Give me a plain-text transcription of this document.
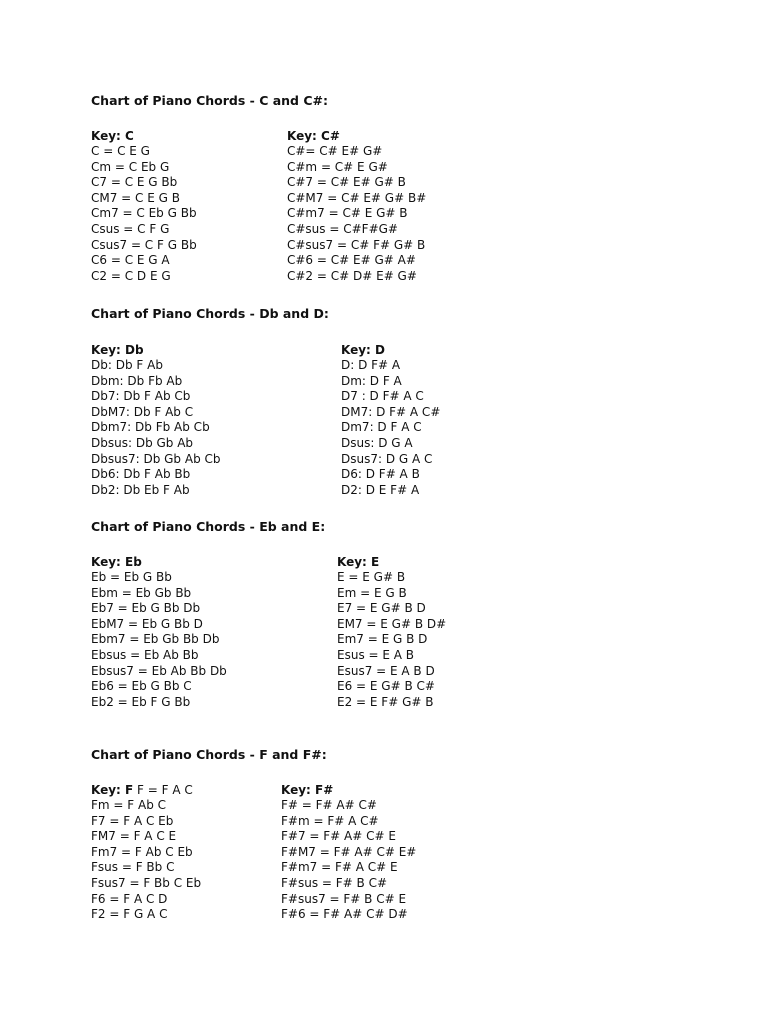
Chart of Piano Chords - C and C#:
Key: C
C = C E G
Cm = C Eb G
C7 = C E G Bb
CM7 = C E G B
Cm7 = C Eb G Bb
Csus = C F G
Csus7 = C F G Bb
C6 = C E G A
C2 = C D E G
Key: C#
C#= C# E# G#
C#m = C# E G#
C#7 = C# E# G# B
C#M7 = C# E# G# B#
C#m7 = C# E G# B
C#sus = C#F#G#
C#sus7 = C# F# G# B
C#6 = C# E# G# A#
C#2 = C# D# E# G#
Chart of Piano Chords - Db and D:
Key: Db
Db: Db F Ab
Dbm: Db Fb Ab
Db7: Db F Ab Cb
DbM7: Db F Ab C
Dbm7: Db Fb Ab Cb
Dbsus: Db Gb Ab
Dbsus7: Db Gb Ab Cb
Db6: Db F Ab Bb
Db2: Db Eb F Ab
Key: D
D: D F# A
Dm: D F A
D7 : D F# A C
DM7: D F# A C#
Dm7: D F A C
Dsus: D G A
Dsus7: D G A C
D6: D F# A B
D2: D E F# A
Chart of Piano Chords - Eb and E:
Key: Eb
Eb = Eb G Bb
Ebm = Eb Gb Bb
Eb7 = Eb G Bb Db
EbM7 = Eb G Bb D
Ebm7 = Eb Gb Bb Db
Ebsus = Eb Ab Bb
Ebsus7 = Eb Ab Bb Db
Eb6 = Eb G Bb C
Eb2 = Eb F G Bb
Key: E
E = E G# B
Em = E G B
E7 = E G# B D
EM7 = E G# B D#
Em7 = E G B D
Esus = E A B
Esus7 = E A B D
E6 = E G# B C#
E2 = E F# G# B
Chart of Piano Chords - F and F#:
Key: F F = F A C
Fm = F Ab C
F7 = F A C Eb
FM7 = F A C E
Fm7 = F Ab C Eb
Fsus = F Bb C
Fsus7 = F Bb C Eb
F6 = F A C D
F2 = F G A C
Key: F#
F# = F# A# C#
F#m = F# A C#
F#7 = F# A# C# E
F#M7 = F# A# C# E#
F#m7 = F# A C# E
F#sus = F# B C#
F#sus7 = F# B C# E
F#6 = F# A# C# D#
